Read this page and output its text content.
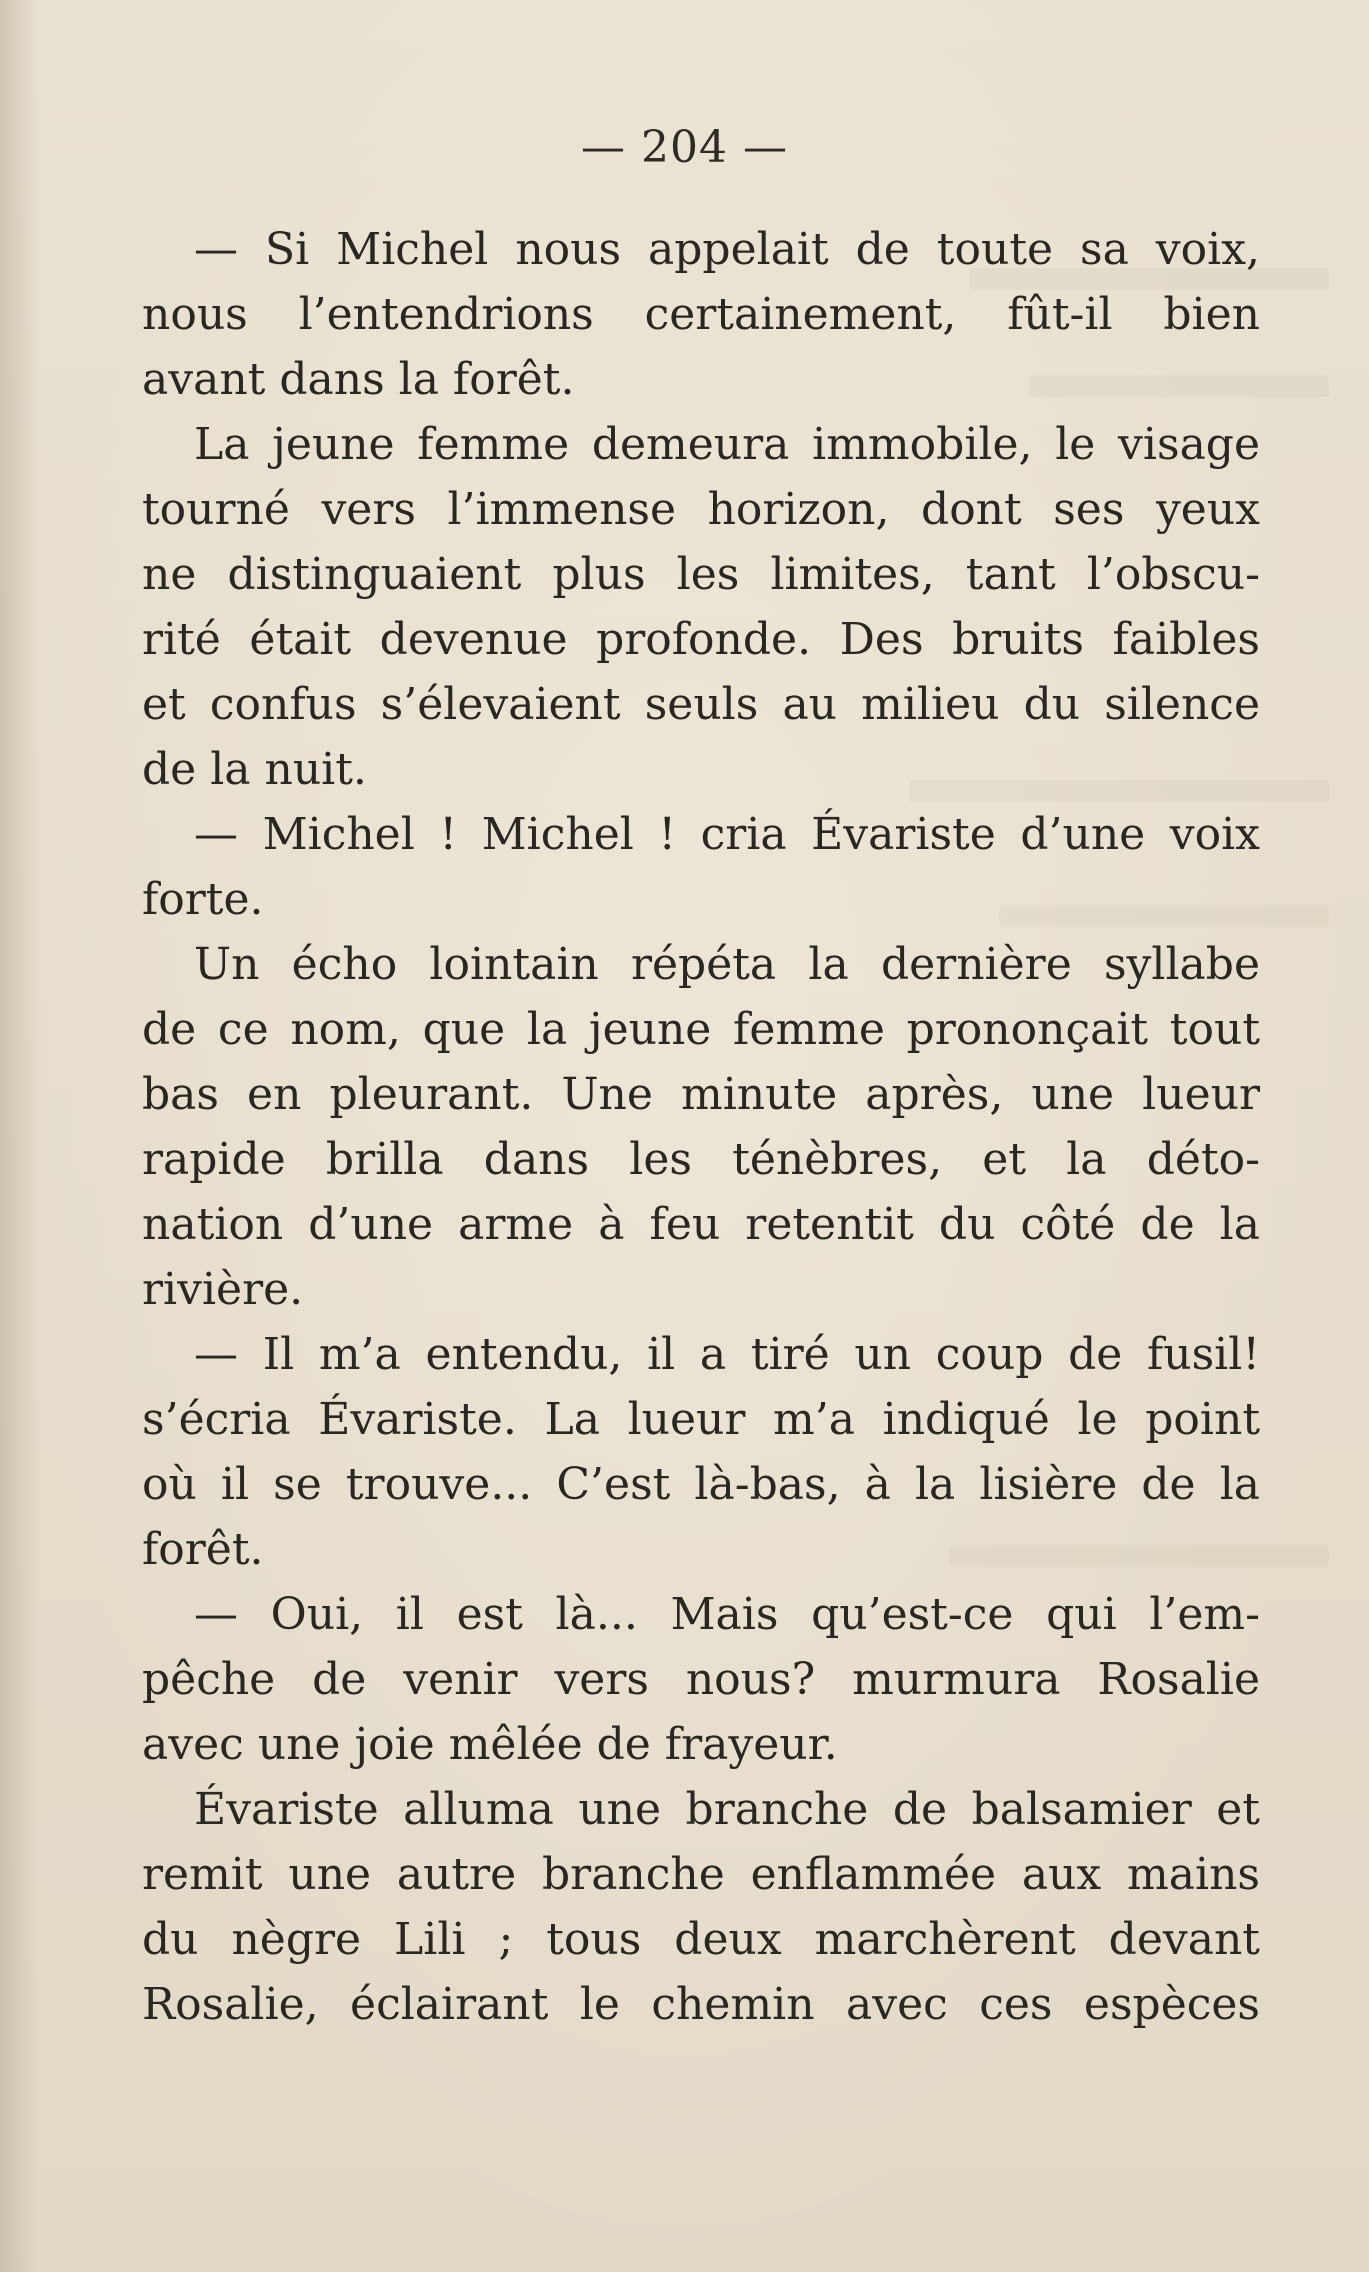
— 204 —
— Si Michel nous appelait de toute sa voix,
nous l’entendrions certainement, fût-il bien
avant dans la forêt.
La jeune femme demeura immobile, le visage
tourné vers l’immense horizon, dont ses yeux
ne distinguaient plus les limites, tant l’obscu-
rité était devenue profonde. Des bruits faibles
et confus s’élevaient seuls au milieu du silence
de la nuit.
— Michel ! Michel ! cria Évariste d’une voix
forte.
Un écho lointain répéta la dernière syllabe
de ce nom, que la jeune femme prononçait tout
bas en pleurant. Une minute après, une lueur
rapide brilla dans les ténèbres, et la déto-
nation d’une arme à feu retentit du côté de la
rivière.
— Il m’a entendu, il a tiré un coup de fusil!
s’écria Évariste. La lueur m’a indiqué le point
où il se trouve... C’est là-bas, à la lisière de la
forêt.
— Oui, il est là... Mais qu’est-ce qui l’em-
pêche de venir vers nous? murmura Rosalie
avec une joie mêlée de frayeur.
Évariste alluma une branche de balsamier et
remit une autre branche enflammée aux mains
du nègre Lili ; tous deux marchèrent devant
Rosalie, éclairant le chemin avec ces espèces
